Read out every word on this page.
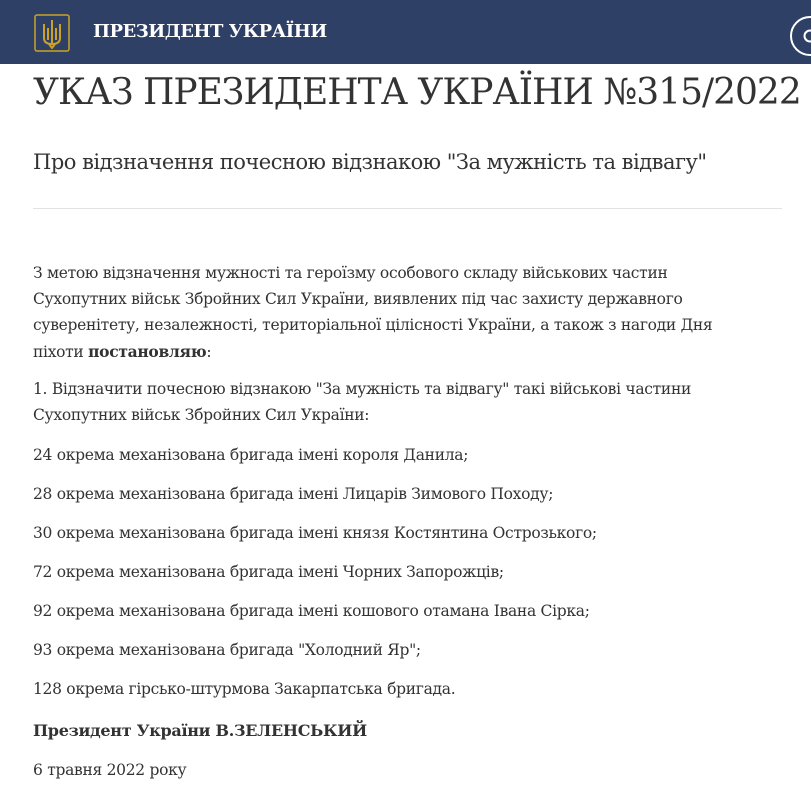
ПРЕЗИДЕНТ УКРАЇНИ
УКАЗ ПРЕЗИДЕНТА УКРАЇНИ №315/2022
Про відзначення почесною відзнакою "За мужність та відвагу"
З метою відзначення мужності та героїзму особового складу військових частин
Сухопутних військ Збройних Сил України, виявлених під час захисту державного
суверенітету, незалежності, територіальної цілісності України, а також з нагоди Дня
піхоти постановляю:
1. Відзначити почесною відзнакою "За мужність та відвагу" такі військові частини
Сухопутних військ Збройних Сил України:
24 окрема механізована бригада імені короля Данила;
28 окрема механізована бригада імені Лицарів Зимового Походу;
30 окрема механізована бригада імені князя Костянтина Острозького;
72 окрема механізована бригада імені Чорних Запорожців;
92 окрема механізована бригада імені кошового отамана Івана Сірка;
93 окрема механізована бригада "Холодний Яр";
128 окрема гірсько-штурмова Закарпатська бригада.
Президент України В.ЗЕЛЕНСЬКИЙ
6 травня 2022 року
